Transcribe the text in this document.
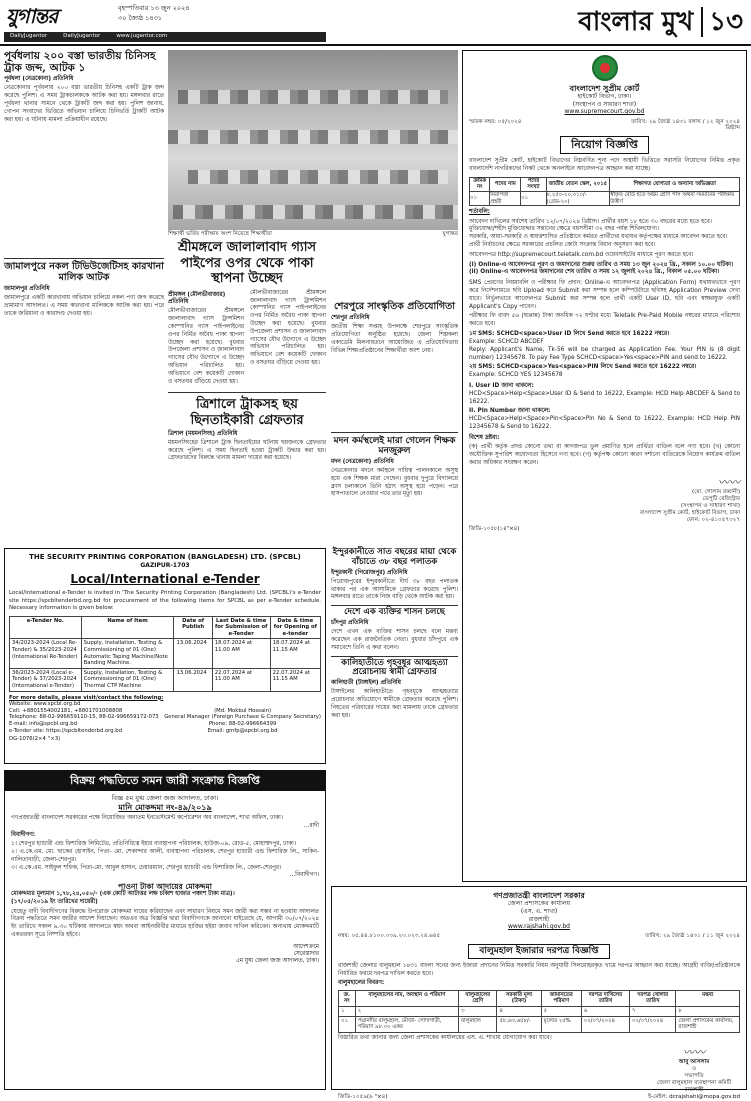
যুগান্তর	বৃহস্পতিবার ১৩ জুন ২০২৪
৩০ জ্যৈষ্ঠ ১৪৩১
DailyJugantor	DailyJugantor	www.jugantor.com	বাংলার মুখ ১৩
পূর্বধলায় ২০০ বস্তা ভারতীয় চিনিসহ ট্রাক জব্দ, আটক ১
পূর্বধলা (নেত্রকোনা) প্রতিনিধি
নেত্রকোনার পূর্বধলায় ২০০ বস্তা ভারতীয় চিনিসহ একটি ট্রাক জব্দ করেছে পুলিশ। এ সময় ট্রাকচালককে আটক করা হয়। মঙ্গলবার রাতে পূর্বধলা থানার সামনে থেকে ট্রাকটি জব্দ করা হয়। পুলিশ জানায়, গোপন সংবাদের ভিত্তিতে অভিযান চালিয়ে চিনিভর্তি ট্রাকটি আটক করা হয়। এ ঘটনায় মামলা প্রক্রিয়াধীন রয়েছে।
জামালপুরে নকল টিভিউজেটিসহ কারখানা মালিক আটক
জামালপুর প্রতিনিধি
জামালপুরে একটি কারখানায় অভিযান চালিয়ে নকল পণ্য জব্দ করেছে ভ্রাম্যমাণ আদালত। এ সময় কারখানা মালিককে আটক করা হয়। পরে তাকে জরিমানা ও কারাদণ্ড দেওয়া হয়।
শিক্ষার্থী ভর্তির পরীক্ষায় অংশ নিয়েছে শিক্ষার্থীরা	যুগান্তর
শ্রীমঙ্গলে জালালাবাদ গ্যাস পাইপের ওপর থেকে পাকা স্থাপনা উচ্ছেদ
শ্রীমঙ্গল (মৌলভীবাজার) প্রতিনিধি
মৌলভীবাজারের শ্রীমঙ্গলে জালালাবাদ গ্যাস ট্রান্সমিশন কোম্পানির গ্যাস পাইপলাইনের ওপর নির্মিত অবৈধ পাকা স্থাপনা উচ্ছেদ করা হয়েছে। বুধবার উপজেলা প্রশাসন ও জালালাবাদ গ্যাসের যৌথ উদ্যোগে এ উচ্ছেদ অভিযান পরিচালিত হয়। অভিযানে বেশ কয়েকটি দোকান ও বসতঘর গুঁড়িয়ে দেওয়া হয়।
মৌলভীবাজারের শ্রীমঙ্গলে জালালাবাদ গ্যাস ট্রান্সমিশন কোম্পানির গ্যাস পাইপলাইনের ওপর নির্মিত অবৈধ পাকা স্থাপনা উচ্ছেদ করা হয়েছে। বুধবার উপজেলা প্রশাসন ও জালালাবাদ গ্যাসের যৌথ উদ্যোগে এ উচ্ছেদ অভিযান পরিচালিত হয়। অভিযানে বেশ কয়েকটি দোকান ও বসতঘর গুঁড়িয়ে দেওয়া হয়।
ত্রিশালে ট্রাকসহ ছয় ছিনতাইকারী গ্রেফতার
ত্রিশাল (ময়মনসিংহ) প্রতিনিধি
ময়মনসিংহের ত্রিশালে ট্রাক ছিনতাইয়ের ঘটনায় ছয়জনকে গ্রেফতার করেছে পুলিশ। এ সময় ছিনতাই হওয়া ট্রাকটি উদ্ধার করা হয়। গ্রেফতারদের বিরুদ্ধে থানায় মামলা দায়ের করা হয়েছে।
শেরপুরে সাংস্কৃতিক প্রতিযোগিতা
শেরপুর প্রতিনিধি
জাতীয় শিক্ষা সপ্তাহ উপলক্ষে শেরপুরে সাংস্কৃতিক প্রতিযোগিতা অনুষ্ঠিত হয়েছে। জেলা শিল্পকলা একাডেমি মিলনায়তনে আয়োজিত এ প্রতিযোগিতায় বিভিন্ন শিক্ষাপ্রতিষ্ঠানের শিক্ষার্থীরা অংশ নেয়।
মদন কর্মস্থলেই মারা গেলেন শিক্ষক মনজুরুল
মদন (নেত্রকোনা) প্রতিনিধি
নেত্রকোনার মদনে কর্মস্থলে দায়িত্ব পালনকালে অসুস্থ হয়ে এক শিক্ষক মারা গেছেন। বুধবার দুপুরে বিদ্যালয়ে ক্লাস চলাকালে তিনি হঠাৎ অসুস্থ হয়ে পড়েন। পরে হাসপাতালে নেওয়ার পথে তার মৃত্যু হয়।
THE SECURITY PRINTING CORPORATION (BANGLADESH) LTD. (SPCBL)
GAZIPUR-1703
Local/International e-Tender
Local/International e-Tender is invited in 'The Security Printing Corporation (Bangladesh) Ltd. (SPCBL)'s e-Tender site https://spcbltenderbd.org.bd for procurement of the following items for SPCBL as per e-Tender schedule. Necessary information is given below:
e-Tender No.	Name of Item	Date of Publish	Last Date & time for Submission of e-Tender	Date & time for Opening of e-tender
34/2023-2024 (Local Re-Tender) & 35/2023-2024 (International Re-Tender)	Supply, Installation, Testing & Commissioning of 01 (One) Automatic Taping Machine/Note Banding Machine.	13.06.2024	18.07.2024 at 11.00 AM	18.07.2024 at 11.15 AM
36/2023-2024 (Local e-Tender) & 37/2023-2024 (International e-Tender)	Supply, Installation, Testing & Commissioning of 01 (One) Thermal CTP Machine	13.06.2024	22.07.2024 at 11.00 AM	22.07.2024 at 11.15 AM
For more details, please visit/contact the following:
Website: www.spcbl.org.bd
Cell: +8801554002181, +8801701008808
Telephone: 88-02-996659110-15, 88-02-996659172-073
E-mail: info@spcbl.org.bd
e-Tender site: https://spcbltenderbd.org.bd
(Md. Mokbul Hossain)
General Manager (Foreign Purchase & Company Secretary)
Phone: 88-02-996664399
Email: gmfp@spcbl.org.bd
DG-1076(2×4 ''×3)
বাংলাদেশ সুপ্রীম কোর্ট
হাইকোর্ট বিভাগ, ঢাকা।
(সংস্থাপন ও সাধারণ শাখা)
www.supremecourt.gov.bd
স্মারক নম্বর: ০৫/২০২৪	তারিখ: ২৯ জ্যৈষ্ঠ ১৪৩১ বঙ্গাব্দ / ১২ জুন ২০২৪ খ্রিষ্টাব্দ
নিয়োগ বিজ্ঞপ্তি
বাংলাদেশ সুপ্রীম কোর্ট, হাইকোর্ট বিভাগের নিম্নবর্ণিত শূন্য পদে অস্থায়ী ভিত্তিতে সরাসরি নিয়োগের নিমিত্ত প্রকৃত বাংলাদেশি নাগরিকদের নিকট থেকে অনলাইনে আবেদনপত্র আহ্বান করা যাচ্ছে।
ক্রমিক নং	পদের নাম	পদের সংখ্যা	জাতীয় বেতন স্কেল, ২০১৫	শিক্ষাগত যোগ্যতা ও অন্যান্য অভিজ্ঞতা
০১	নিরাপত্তা প্রহরী	০১	৮,২৫০-২০,০১০/- (গ্রেড-২০)	স্বীকৃত বোর্ড হতে অষ্টম শ্রেণি পাস অথবা সমমানের পরীক্ষায় উত্তীর্ণ
শর্তাবলি:
আবেদন দাখিলের সর্বশেষ তারিখ ১২/০৭/২০২৪ খ্রিষ্টাব্দ। প্রার্থীর বয়স ১৮ হতে ৩০ বছরের মধ্যে হতে হবে।
মুক্তিযোদ্ধা/শহীদ মুক্তিযোদ্ধার সন্তানের ক্ষেত্রে বয়সসীমা ৩২ বছর পর্যন্ত শিথিলযোগ্য।
সরকারি, আধা-সরকারি ও স্বায়ত্তশাসিত প্রতিষ্ঠানে কর্মরত প্রার্থীদের যথাযথ কর্তৃপক্ষের মাধ্যমে আবেদন করতে হবে।
প্রার্থী নির্বাচনের ক্ষেত্রে সরকারের প্রচলিত কোটা সংক্রান্ত বিধান অনুসরণ করা হবে।
আবেদনপত্র http://supremecourt.teletalk.com.bd ওয়েবসাইটের মাধ্যমে পূরণ করতে হবে।
(i) Online-এ আবেদনপত্র পূরণ ও জমাদানের শুরুর তারিখ ও সময় ১৩ জুন ২০২৪ খ্রি., সকাল ১০.০০ ঘটিকা।
(ii) Online-এ আবেদনপত্র জমাদানের শেষ তারিখ ও সময় ১২ জুলাই ২০২৪ খ্রি., বিকাল ০৫.০০ ঘটিকা।
SMS প্রেরণের নিয়মাবলি ও পরীক্ষার ফি প্রদান: Online-এ আবেদনপত্র (Application Form) যথাযথভাবে পূরণ করে নির্দেশনামতে ছবি Upload করে Submit করা সম্পন্ন হলে কম্পিউটারে ছবিসহ Application Preview দেখা যাবে। নির্ভুলভাবে আবেদনপত্র Submit করা সম্পন্ন হলে প্রার্থী একটি User ID, ছবি এবং স্বাক্ষরযুক্ত একটি Applicant's Copy পাবেন।
পরীক্ষার ফি বাবদ ৫৬ (ছাপ্পান্ন) টাকা অনধিক ৭২ ঘণ্টার মধ্যে Teletalk Pre-Paid Mobile নম্বরের মাধ্যমে পরিশোধ করতে হবে।
১ম SMS: SCHCD<space>User ID লিখে Send করতে হবে 16222 নম্বরে।
Example: SCHCD ABCDEF
Reply: Applicant's Name, Tk-56 will be charged as Application Fee. Your PIN is (8 digit number) 12345678. To pay Fee Type SCHCD<space>Yes<space>PIN and send to 16222.
২য় SMS: SCHCD<space>Yes<space>PIN লিখে Send করতে হবে 16222 নম্বরে।
Example: SCHCD YES 12345678
I. User ID জানা থাকলে:
HCD<Space>Help<Space>User ID & Send to 16222, Example: HCD Help ABCDEF & Send to 16222.
II. Pin Number জানা থাকলে:
HCD<Space>Help<Space>Pin<Space>Pin No & Send to 16222, Example: HCD Help PIN 12345678 & Send to 16222.
বিশেষ দ্রষ্টব্য:
(ক) প্রার্থী কর্তৃক প্রদত্ত কোনো তথ্য বা কাগজপত্র ভুল প্রমাণিত হলে প্রার্থিতা বাতিল বলে গণ্য হবে। (খ) কোনো অযৌক্তিক সুপারিশ অযোগ্যতা হিসেবে গণ্য হবে। (গ) কর্তৃপক্ষ কোনো কারণ দর্শানো ব্যতিরেকে নিয়োগ কার্যক্রম বাতিল করার অধিকার সংরক্ষণ করেন।
〰〰
(মো. গোলাম রব্বানী)
ডেপুটি রেজিস্ট্রার
(সংস্থাপন ও সাধারণ শাখা)
বাংলাদেশ সুপ্রীম কোর্ট, হাইকোর্ট বিভাগ, ঢাকা
ফোন: ০২-৪১০৫৭৩২৭
জিডি-১০৫৮(১৪"×৪)
বিক্রয় পদ্ধতিতে সমন জারী সংক্রান্ত বিজ্ঞপ্তি
বিজ্ঞ ৫ম যুগ্ম জেলা জজ আদালত, ঢাকা।
মানি মোকদ্দমা নং-৪৯/২০১৯
গণপ্রজাতন্ত্রী বাংলাদেশ সরকারের পক্ষে নিয়োজিত অন্যতম ইনভেস্টমেন্ট কর্পোরেশন অব বাংলাদেশ, শাখা অফিস, ঢাকা।
...বাদী
বিবাদীগণ:
১। শেরপুর হ্যাচারী এন্ড ফিশারিজ লিমিটেড, প্রতিনিধিত্বে ইহার ব্যবস্থাপনা পরিচালক, হাউজ-০৯, রোড-৫, মোহাম্মদপুর, ঢাকা।
২। এ.কে.এম. মো. ছাকের হোসাইন, পিতা- মো. শেকান্দার আলী, ব্যবস্থাপনা পরিচালক, শেরপুর হ্যাচারী এন্ড ফিশারিজ লি., সাকিন- নালিতাবাড়ী, জেলা-শেরপুর।
৩। এ.কে.এম. সাইফুল শফিক, পিতা-মো. আবুল হাসান, চেয়ারম্যান, শেরপুর হ্যাচারী এন্ড ফিশারিজ লি., জেলা-শেরপুর।
...বিবাদীগণ।
পাওনা টাকা আদায়ের মোকদ্দমা
মোকদ্দমার মূল্যমান ১,৭৮,২৪,০৫০/- (এক কোটি আটাত্তর লক্ষ চব্বিশ হাজার পঞ্চাশ টাকা মাত্র)।
(১৭/০৫/২০১৯ ইং তারিখের দায়েরী)
যেহেতু বাদী বিবাদীগণের বিরুদ্ধে উপরোক্ত মোকদ্দমা দায়ের করিয়াছেন এবং সাধারণ নিয়মে সমন জারী করা সম্ভব না হওয়ায় আদালত বিক্রয় পদ্ধতিতে সমন জারীর আদেশ দিয়াছেন। অতএব অত্র বিজ্ঞপ্তি দ্বারা বিবাদীগণকে জানানো যাইতেছে যে, আগামী ৩০/০৭/২০২৪ ইং তারিখে সকাল ৯.৩০ ঘটিকায় আদালতে স্বয়ং অথবা আইনজীবীর মাধ্যমে হাজির হইয়া জবাব দাখিল করিবেন। অন্যথায় মোকদ্দমাটি একতরফা সূত্রে নিষ্পত্তি হইবে।
আদেশক্রমে
সেরেস্তাদার
৫ম যুগ্ম জেলা জজ আদালত, ঢাকা।
গণপ্রজাতন্ত্রী বাংলাদেশ সরকার
জেলা প্রশাসকের কার্যালয়
(এস. এ. শাখা)
রাজশাহী
www.rajshahi.gov.bd
নম্বর: ০৫.৪৪.৮১০০.০৩৯.২৩.০২৩.২৪.৬৪৫	তারিখ: ২৯ জ্যৈষ্ঠ ১৪৩১ / ১১ জুন ২০২৪
বালুমহাল ইজারার দরপত্র বিজ্ঞপ্তি
রাজশাহী জেলার বালুমহাল ১৪৩১ বাংলা সনের জন্য ইজারা প্রদানের নিমিত্ত সরকারি নিয়ম অনুযায়ী সিলমোহরকৃত খামে দরপত্র আহ্বান করা যাচ্ছে। আগ্রহী ব্যক্তি/প্রতিষ্ঠানকে নির্ধারিত ফরমে দরপত্র দাখিল করতে হবে।
বালুমহালের বিবরণ:
ক্র. নং	বালুমহালের নাম, অবস্থান ও পরিমাণ	বালুমহালের শ্রেণি	সরকারি মূল্য (টাকা)	জামানতের পরিমাণ	দরপত্র দাখিলের তারিখ	দরপত্র খোলার তারিখ	মন্তব্য
১	২	৩	৪	৫	৬	৭	৮
০১	পদ্মানদীর বালুমহাল, মৌজা- গোদাগাড়ী, পরিমাণ ৯৮.০০ একর	বালুমহাল	৫৮,৬৩,৬৫৮/-	মূল্যের ২৫%	০২/০৭/২০২৪	০২/০৭/২০২৪	জেলা প্রশাসকের কার্যালয়, রাজশাহী
বিস্তারিত তথ্য জানার জন্য জেলা প্রশাসকের কার্যালয়ের এস. এ. শাখায় যোগাযোগ করা যাবে।
জিডি-১০৫৯(৬ "×৪)
〰〰
আবু আসলাম
ও
সভাপতি
জেলা বালুমহাল ব্যবস্থাপনা কমিটি
রাজশাহী
ই-মেইল: dcrajshahi@mopa.gov.bd
ইন্দুরকানীতে সাত বছরের মায়া থেকে বাঁচাতে ৩৮ বছর পলাতক
ইন্দুরকানী (পিরোজপুর) প্রতিনিধি
পিরোজপুরের ইন্দুরকানীতে দীর্ঘ ৩৮ বছর পলাতক থাকার পর এক আসামিকে গ্রেফতার করেছে পুলিশ। মঙ্গলবার রাতে তাকে নিজ বাড়ি থেকে আটক করা হয়।
দেশে এক ব্যক্তির শাসন চলছে
চাঁদপুর প্রতিনিধি
দেশে এখন এক ব্যক্তির শাসন চলছে বলে মন্তব্য করেছেন এক রাজনৈতিক নেতা। বুধবার চাঁদপুরে এক সমাবেশে তিনি এ কথা বলেন।
কালিহাতীতে গৃহবধূর আত্মহত্যা প্ররোচনায় স্বামী গ্রেফতার
কালিহাতী (টাঙ্গাইল) প্রতিনিধি
টাঙ্গাইলের কালিহাতীতে গৃহবধূকে আত্মহত্যার প্ররোচনার অভিযোগে স্বামীকে গ্রেফতার করেছে পুলিশ। নিহতের পরিবারের দায়ের করা মামলায় তাকে গ্রেফতার করা হয়।
